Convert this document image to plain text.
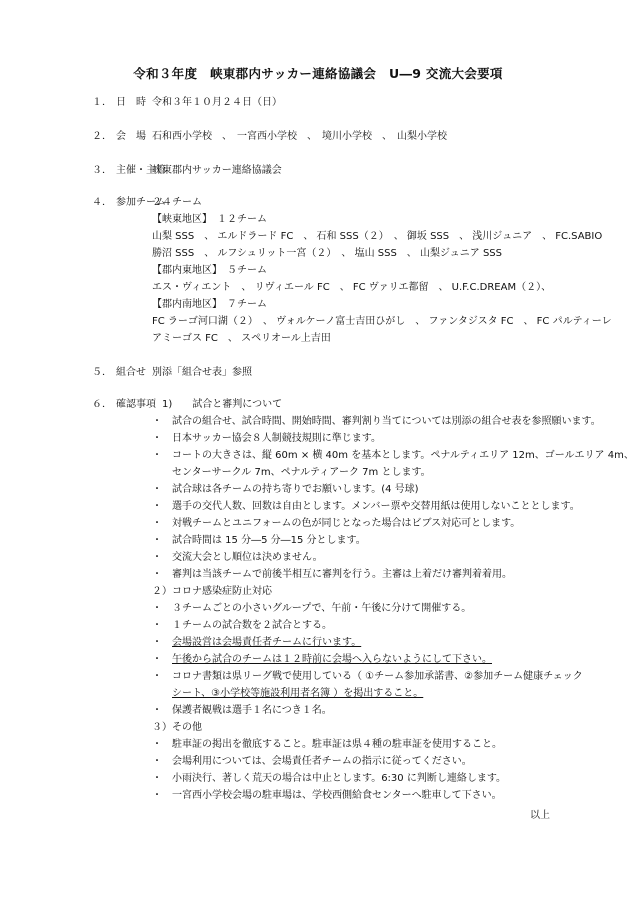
令和３年度　峡東郡内サッカー連絡協議会　U―9 交流大会要項
１． 日　時 令和３年１０月２４日（日）
２． 会　場 石和西小学校　、　一宮西小学校　、　境川小学校　、　山梨小学校
３． 主催・主管
峡東郡内サッカー連絡協議会
４． 参加チーム
２４チーム
【峡東地区】　１２チーム
山梨 SSS　、 エルドラード FC　、 石和 SSS（２）　、 御坂 SSS　、 浅川ジュニア　、 FC.SABIO
勝沼 SSS　、 ルフシュリット一宮（２）　、 塩山 SSS　、 山梨ジュニア SSS
【郡内東地区】　５チーム
エス・ヴィエント　、 リヴィエール FC　、 FC ヴァリエ都留　、 U.F.C.DREAM（２）、
【郡内南地区】　７チーム
FC ラーゴ河口湖（２）　、 ヴォルケーノ富士吉田ひがし　、 ファンタジスタ FC　、 FC パルティーレ
アミーゴス FC　、 スペリオール上吉田
５． 組合せ 別添「組合せ表」参照
６． 確認事項 1)　　試合と審判について
・ 試合の組合せ、試合時間、開始時間、審判割り当てについては別添の組合せ表を参照願います。
・ 日本サッカー協会８人制競技規則に準じます。
・ コートの大きさは、縦 60m × 横 40m を基本とします。ペナルティエリア 12m、ゴールエリア 4m、
センターサークル 7m、ペナルティアーク 7m とします。
・ 試合球は各チームの持ち寄りでお願いします。(4 号球)
・ 選手の交代人数、回数は自由とします。メンバー票や交替用紙は使用しないこととします。
・ 対戦チームとユニフォームの色が同じとなった場合はビブス対応可とします。
・ 試合時間は 15 分―5 分―15 分とします。
・ 交流大会とし順位は決めません。
・ 審判は当該チームで前後半相互に審判を行う。主審は上着だけ審判着着用。
２）コロナ感染症防止対応
・ ３チームごとの小さいグループで、午前・午後に分けて開催する。
・ １チームの試合数を２試合とする。
・ 会場設営は会場責任者チームに行います。
・ 午後から試合のチームは１２時前に会場へ入らないようにして下さい。
・ コロナ書類は県リーグ戦で使用している（ ①チーム参加承諾書、②参加チーム健康チェック
シート、③小学校等施設利用者名簿 ）を掲出すること。
・ 保護者観戦は選手１名につき１名。
３）その他
・ 駐車証の掲出を徹底すること。駐車証は県４種の駐車証を使用すること。
・ 会場利用については、会場責任者チームの指示に従ってください。
・ 小雨決行、著しく荒天の場合は中止とします。6:30 に判断し連絡します。
・ 一宮西小学校会場の駐車場は、学校西側給食センターへ駐車して下さい。
以上
